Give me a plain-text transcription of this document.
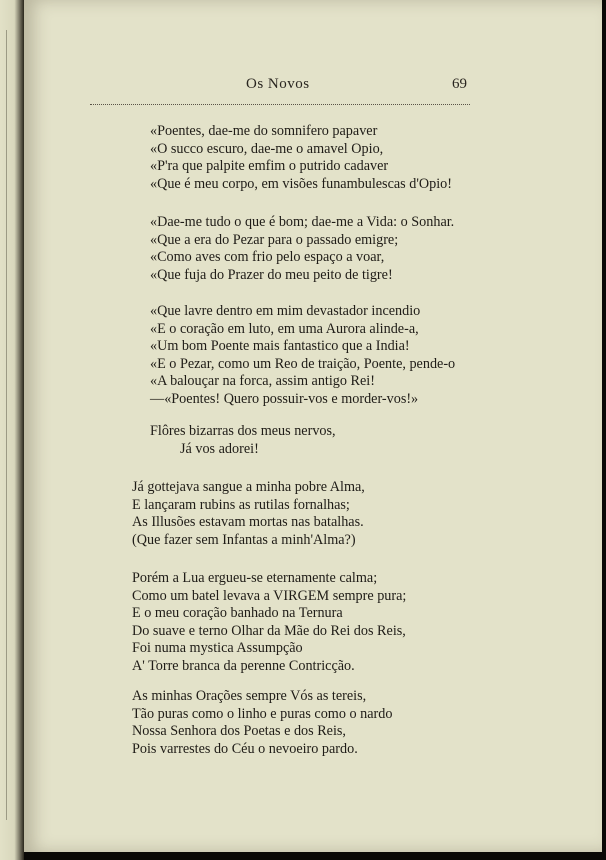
Os Novos	69
«Poentes, dae-me do somnifero papaver
«O succo escuro, dae-me o amavel Opio,
«P'ra que palpite emfim o putrido cadaver
«Que é meu corpo, em visões funambulescas d'Opio!
«Dae-me tudo o que é bom; dae-me a Vida: o Sonhar.
«Que a era do Pezar para o passado emigre;
«Como aves com frio pelo espaço a voar,
«Que fuja do Prazer do meu peito de tigre!
«Que lavre dentro em mim devastador incendio
«E o coração em luto, em uma Aurora alinde-a,
«Um bom Poente mais fantastico que a India!
«E o Pezar, como um Reo de traição, Poente, pende-o
«A balouçar na forca, assim antigo Rei!
—«Poentes! Quero possuir-vos e morder-vos!»
Flôres bizarras dos meus nervos,
Já vos adorei!
Já gottejava sangue a minha pobre Alma,
E lançaram rubins as rutilas fornalhas;
As Illusões estavam mortas nas batalhas.
(Que fazer sem Infantas a minh'Alma?)
Porém a Lua ergueu-se eternamente calma;
Como um batel levava a VIRGEM sempre pura;
E o meu coração banhado na Ternura
Do suave e terno Olhar da Mãe do Rei dos Reis,
Foi numa mystica Assumpção
A' Torre branca da perenne Contricção.
As minhas Orações sempre Vós as tereis,
Tão puras como o linho e puras como o nardo
Nossa Senhora dos Poetas e dos Reis,
Pois varrestes do Céu o nevoeiro pardo.
